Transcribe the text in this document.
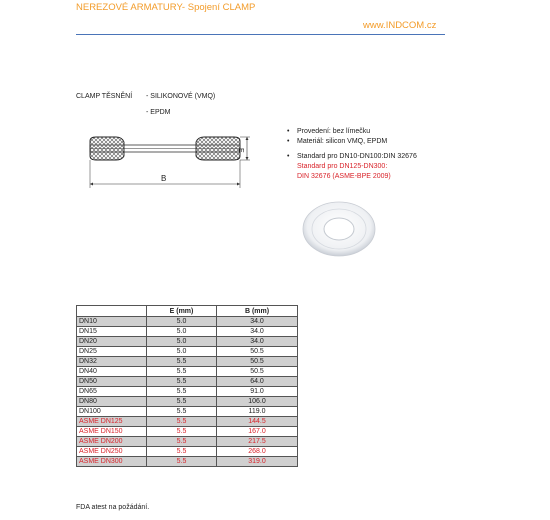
NEREZOVÉ ARMATURY- Spojení CLAMP
www.INDCOM.cz
CLAMP TĚSNĚNÍ - SILIKONOVÉ (VMQ)
- EPDM
E
B
•	Provedení: bez límečku
•	Materiál: silicon VMQ, EPDM
•	Standard pro DN10-DN100:DIN 32676
Standard pro DN125-DN300:
DIN 32676 (ASME-BPE 2009)
	E (mm)	B (mm)
DN10	5.0	34.0
DN15	5.0	34.0
DN20	5.0	34.0
DN25	5.0	50.5
DN32	5.5	50.5
DN40	5.5	50.5
DN50	5.5	64.0
DN65	5.5	91.0
DN80	5.5	106.0
DN100	5.5	119.0
ASME DN125	5.5	144.5
ASME DN150	5.5	167.0
ASME DN200	5.5	217.5
ASME DN250	5.5	268.0
ASME DN300	5.5	319.0
FDA atest na požádání.
